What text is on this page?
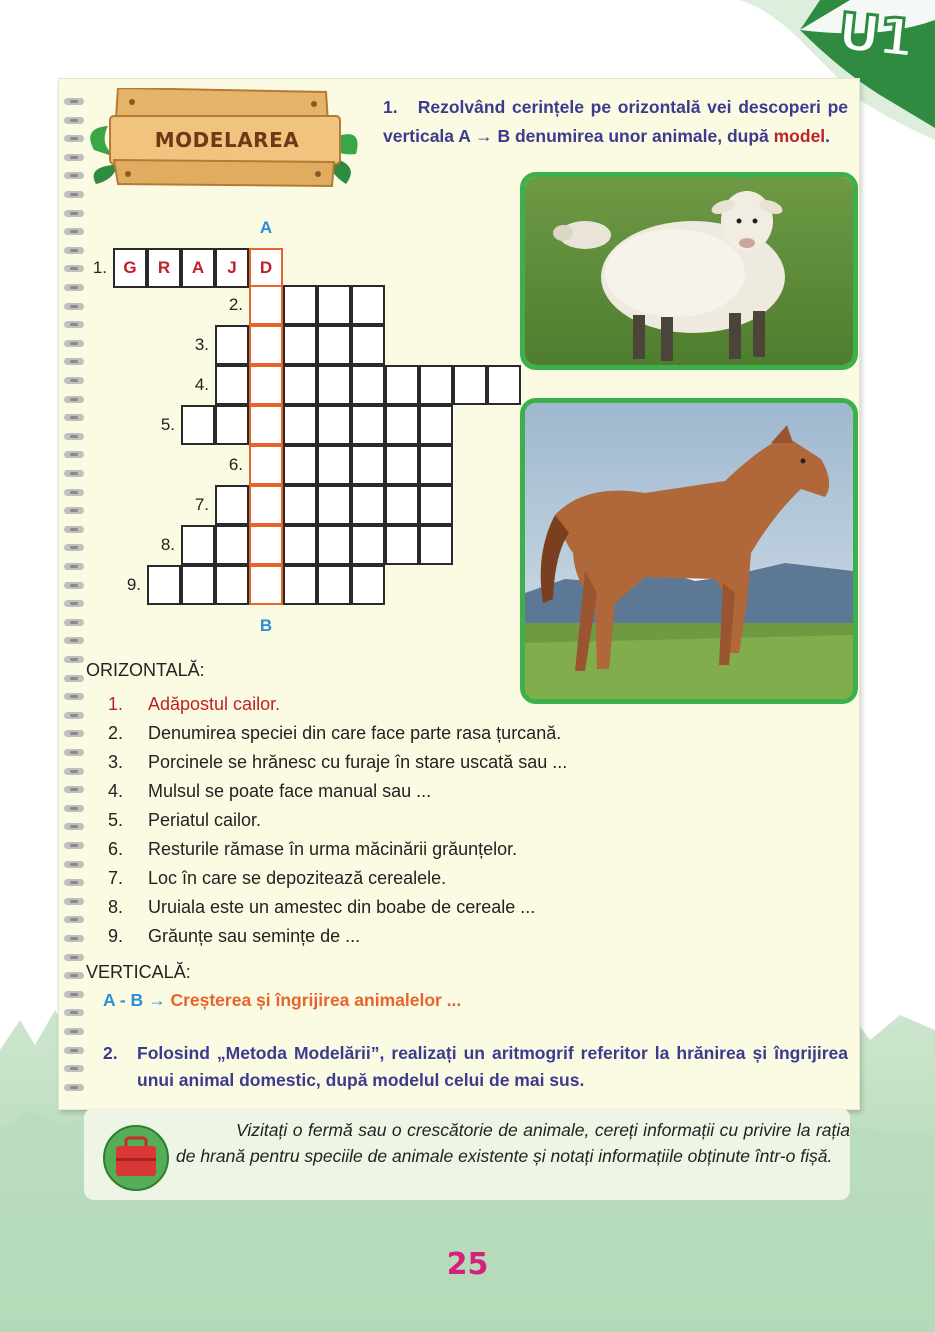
U1
MODELAREA
1. Rezolvând cerințele pe orizontală vei descoperi pe verticala A → B denumirea unor animale, după model.
A
B
1. G	R	A	J	D
2.
3.
4.
5.
6.
7.
8.
9.
ORIZONTALĂ:
1. Adăpostul cailor.
2. Denumirea speciei din care face parte rasa țurcană.
3. Porcinele se hrănesc cu furaje în stare uscată sau ...
4. Mulsul se poate face manual sau ...
5. Periatul cailor.
6. Resturile rămase în urma măcinării grăunțelor.
7. Loc în care se depozitează cerealele.
8. Uruiala este un amestec din boabe de cereale ...
9. Grăunțe sau semințe de ...
VERTICALĂ:
A - B → Creșterea și îngrijirea animalelor ...
2. Folosind „Metoda Modelării”, realizați un aritmogrif referitor la hrănirea și îngrijirea unui animal domestic, după modelul celui de mai sus.
Vizitați o fermă sau o crescătorie de animale, cereți informații cu privire la rația de hrană pentru speciile de animale existente și notați informațiile obținute într-o fișă.
25
